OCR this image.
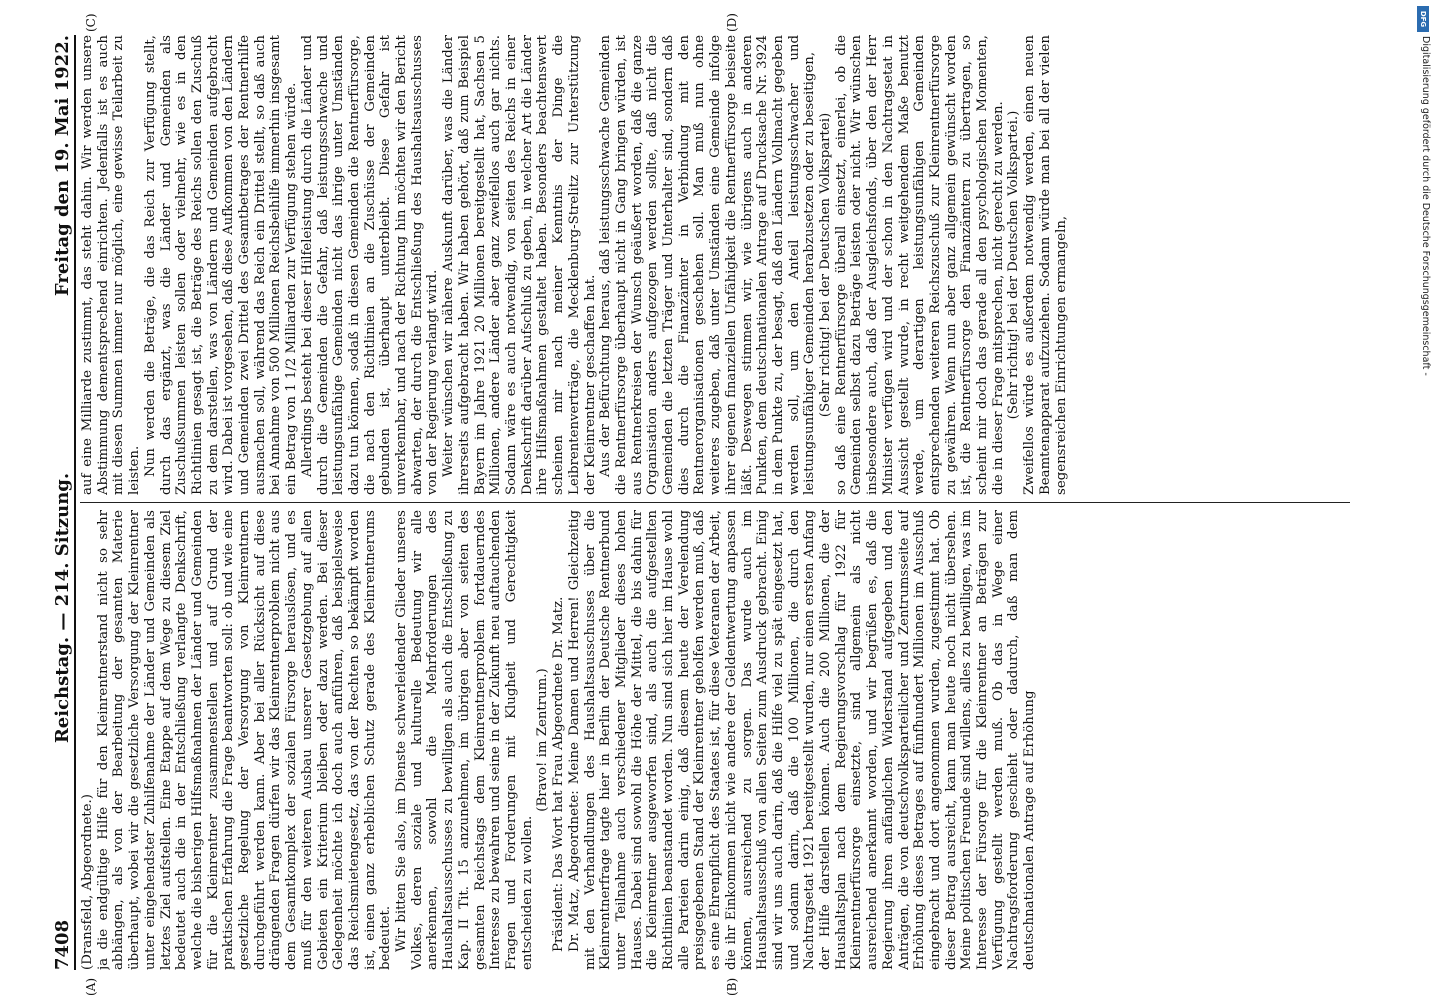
7408
Reichstag. — 214. Sitzung.
Freitag den 19. Mai 1922.
(A)	(B)
(C)	(D)

(Dransfeld, Abgeordnete.) ja die endgültige Hilfe für den Kleinrentnerstand nicht so sehr abhängen, als von der Bearbeitung der gesamten Materie überhaupt, wobei wir die gesetzliche Versorgung der Kleinrentner unter eingehendster Zuhilfenahme der Länder und Gemeinden als letztes Ziel aufstellen. Eine Etappe auf dem Wege zu diesem Ziel bedeutet auch die in der Entschließung verlangte Denkschrift, welche die bisherigen Hilfsmaßnahmen der Länder und Gemeinden für die Kleinrentner zusammenstellen und auf Grund der praktischen Erfahrung die Frage beantworten soll: ob und wie eine gesetzliche Regelung der Versorgung von Kleinrentnern durchgeführt werden kann. Aber bei aller Rücksicht auf diese drängenden Fragen dürfen wir das Kleinrentnerproblem nicht aus dem Gesamtkomplex der sozialen Fürsorge herauslösen, und es muß für den weiteren Ausbau unserer Gesetzgebung auf allen Gebieten ein Kriterium bleiben oder dazu werden. Bei dieser Gelegenheit möchte ich doch auch anführen, daß beispielsweise das Reichsmietengesetz, das von der Rechten so bekämpft worden ist, einen ganz erheblichen Schutz gerade des Kleinrentnerums bedeutet. Wir bitten Sie also, im Dienste schwerleidender Glieder unseres Volkes, deren soziale und kulturelle Bedeutung wir alle anerkennen, sowohl die Mehrforderungen des Haushaltsausschusses zu bewilligen als auch die Entschließung zu Kap. II Tit. 15 anzunehmen, im übrigen aber von seiten des gesamten Reichstags dem Kleinrentnerproblem fortdauerndes Interesse zu bewahren und seine in der Zukunft neu auftauchenden Fragen und Forderungen mit Klugheit und Gerechtigkeit entscheiden zu wollen.

(Bravo! im Zentrum.) Präsident: Das Wort hat Frau Abgeordnete Dr. Matz. Dr. Matz, Abgeordnete: Meine Damen und Herren! Gleichzeitig mit den Verhandlungen des Haushaltsausschusses über die Kleinrentnerfrage tagte hier in Berlin der Deutsche Rentnerbund unter Teilnahme auch verschiedener Mitglieder dieses hohen Hauses. Dabei sind sowohl die Höhe der Mittel, die bis dahin für die Kleinrentner ausgeworfen sind, als auch die aufgestellten Richtlinien beanstandet worden. Nun sind sich hier im Hause wohl alle Parteien darin einig, daß diesem heute der Verelendung preisgegebenen Stand der Kleinrentner geholfen werden muß, daß es eine Ehrenpflicht des Staates ist, für diese Veteranen der Arbeit, die ihr Einkommen nicht wie andere der Geldentwertung anpassen können, ausreichend zu sorgen. Das wurde auch im Haushaltsausschuß von allen Seiten zum Ausdruck gebracht. Einig sind wir uns auch darin, daß die Hilfe viel zu spät eingesetzt hat, und sodann darin, daß die 100 Millionen, die durch den Nachtragsetat 1921 bereitgestellt wurden, nur einen ersten Anfang der Hilfe darstellen können. Auch die 200 Millionen, die der Haushaltsplan nach dem Regierungsvorschlag für 1922 für Kleinrentnerfürsorge einsetzte, sind allgemein als nicht ausreichend anerkannt worden, und wir begrüßen es, daß die Regierung ihren anfänglichen Widerstand aufgegeben und den Anträgen, die von deutschvolksparteilicher und Zentrumsseite auf Erhöhung dieses Betrages auf fünfhundert Millionen im Ausschuß eingebracht und dort angenommen wurden, zugestimmt hat. Ob dieser Betrag ausreicht, kann man heute noch nicht übersehen. Meine politischen Freunde sind willens, alles zu bewilligen, was im Interesse der Fürsorge für die Kleinrentner an Beträgen zur Verfügung gestellt werden muß. Ob das in Wege einer Nachtragsforderung geschieht oder dadurch, daß man dem deutschnationalen Antrage auf Erhöhung

auf eine Milliarde zustimmt, das steht dahin. Wir werden unsere Abstimmung dementsprechend einrichten. Jedenfalls ist es auch mit diesen Summen immer nur möglich, eine gewisse Teilarbeit zu leisten. Nun werden die Beträge, die das Reich zur Verfügung stellt, durch das ergänzt, was die Länder und Gemeinden als Zuschußsummen leisten sollen oder vielmehr, wie es in den Richtlinien gesagt ist, die Beträge des Reichs sollen den Zuschuß zu dem darstellen, was von Ländern und Gemeinden aufgebracht wird. Dabei ist vorgesehen, daß diese Aufkommen von den Ländern und Gemeinden zwei Drittel des Gesamtbetrages der Rentnerhilfe ausmachen soll, während das Reich ein Drittel stellt, so daß auch bei Annahme von 500 Millionen Reichsbeihilfe immerhin insgesamt ein Betrag von 1 1/2 Milliarden zur Verfügung stehen würde. Allerdings besteht bei dieser Hilfeleistung durch die Länder und durch die Gemeinden die Gefahr, daß leistungsschwache und leistungsunfähige Gemeinden nicht das ihrige unter Umständen dazu tun können, sodaß in diesen Gemeinden die Rentnerfürsorge, die nach den Richtlinien an die Zuschüsse der Gemeinden gebunden ist, überhaupt unterbleibt. Diese Gefahr ist unverkennbar, und nach der Richtung hin möchten wir den Bericht abwarten, der durch die Entschließung des Haushaltsausschusses von der Regierung verlangt wird. Weiter wünschen wir nähere Auskunft darüber, was die Länder ihrerseits aufgebracht haben. Wir haben gehört, daß zum Beispiel Bayern im Jahre 1921 20 Millionen bereitgestellt hat, Sachsen 5 Millionen, andere Länder aber ganz zweifellos auch gar nichts. Sodann wäre es auch notwendig, von seiten des Reichs in einer Denkschrift darüber Aufschluß zu geben, in welcher Art die Länder ihre Hilfsmaßnahmen gestaltet haben. Besonders beachtenswert scheinen mir nach meiner Kenntnis der Dinge die Leibrentenverträge, die Mecklenburg-Strelitz zur Unterstützung der Kleinrentner geschaffen hat. Aus der Befürchtung heraus, daß leistungsschwache Gemeinden die Rentnerfürsorge überhaupt nicht in Gang bringen würden, ist aus Rentnerkreisen der Wunsch geäußert worden, daß die ganze Organisation anders aufgezogen werden sollte, daß nicht die Gemeinden die letzten Träger und Unterhalter sind, sondern daß dies durch die Finanzämter in Verbindung mit den Rentnerorganisationen geschehen soll. Man muß nun ohne weiteres zugeben, daß unter Umständen eine Gemeinde infolge ihrer eigenen finanziellen Unfähigkeit die Rentnerfürsorge beiseite läßt. Deswegen stimmen wir, wie übrigens auch in anderen Punkten, dem deutschnationalen Antrage auf Drucksache Nr. 3924 in dem Punkte zu, der besagt, daß den Ländern Vollmacht gegeben werden soll, um den Anteil leistungsschwacher und leistungsunfähiger Gemeinden herabzusetzen oder zu beseitigen, (Sehr richtig! bei der Deutschen Volkspartei) so daß eine Rentnerfürsorge überall einsetzt, einerlei, ob die Gemeinden selbst dazu Beträge leisten oder nicht. Wir wünschen insbesondere auch, daß der Ausgleichsfonds, über den der Herr Minister verfügen wird und der schon in den Nachtragsetat in Aussicht gestellt wurde, in recht weitgehendem Maße benutzt werde, um derartigen leistungsunfähigen Gemeinden entsprechenden weiteren Reichszuschuß zur Kleinrentnerfürsorge zu gewähren. Wenn nun aber ganz allgemein gewünscht worden ist, die Rentnerfürsorge den Finanzämtern zu übertragen, so scheint mir doch das gerade all den psychologischen Momenten, die in dieser Frage mitsprechen, nicht gerecht zu werden. (Sehr richtig! bei der Deutschen Volkspartei.) Zweifellos würde es außerdem notwendig werden, einen neuen Beamtenapparat aufzuziehen. Sodann würde man bei all der vielen segensreichen Einrichtungen ermangeln,

DFG
Digitalisierung gefördert durch die Deutsche Forschungsgemeinschaft -
